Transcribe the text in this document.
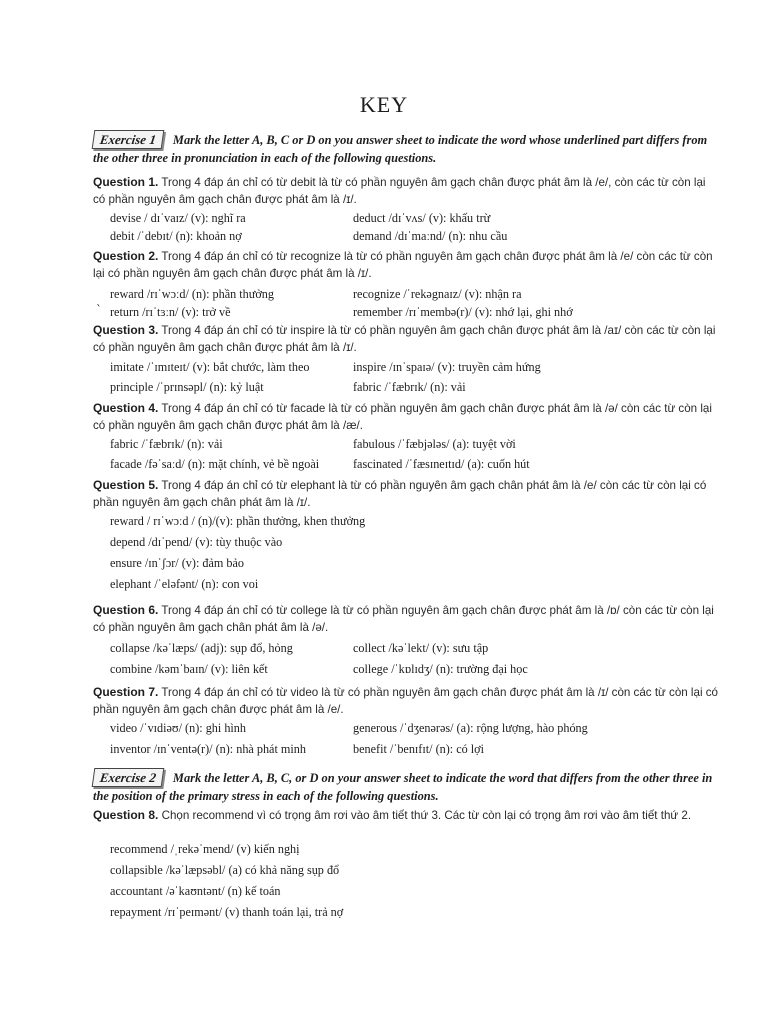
KEY
Exercise 1 Mark the letter A, B, C or D on you answer sheet to indicate the word whose underlined part differs from the other three in pronunciation in each of the following questions.
Question 1. Trong 4 đáp án chỉ có từ debit là từ có phần nguyên âm gạch chân được phát âm là /e/, còn các từ còn lại có phần nguyên âm gạch chân được phát âm là /ɪ/.
devise / dɪˈvaɪz/ (v): nghĩ ra	deduct /dɪˈvʌs/ (v): khấu trừ
debit /ˈdebɪt/ (n): khoản nợ	demand /dɪˈmaːnd/ (n): nhu cầu
Question 2. Trong 4 đáp án chỉ có từ recognize là từ có phần nguyên âm gạch chân được phát âm là /e/ còn các từ còn lại có phần nguyên âm gạch chân được phát âm là /ɪ/.
`
reward /rɪˈwɔːd/ (n): phần thưởng	recognize /ˈrekəgnaɪz/ (v): nhận ra
return /rɪˈtɜːn/ (v): trở về	remember /rɪˈmembə(r)/ (v): nhớ lại, ghi nhớ
Question 3. Trong 4 đáp án chỉ có từ inspire là từ có phần nguyên âm gạch chân được phát âm là /aɪ/ còn các từ còn lại có phần nguyên âm gạch chân được phát âm là /ɪ/.
imitate /ˈɪmɪteɪt/ (v): bắt chước, làm theo	inspire /ɪnˈspaɪə/ (v): truyền cảm hứng
principle /ˈprɪnsəpl/ (n): kỷ luật	fabric /ˈfæbrɪk/ (n): vải
Question 4. Trong 4 đáp án chỉ có từ facade là từ có phần nguyên âm gạch chân được phát âm là /ə/ còn các từ còn lại có phần nguyên âm gạch chân được phát âm là /æ/.
fabric /ˈfæbrɪk/ (n): vải	fabulous /ˈfæbjələs/ (a): tuyệt vời
facade /fəˈsaːd/ (n): mặt chính, vẻ bề ngoài	fascinated /ˈfæsɪneɪtɪd/ (a): cuốn hút
Question 5. Trong 4 đáp án chỉ có từ elephant là từ có phần nguyên âm gạch chân phát âm là /e/ còn các từ còn lại có phần nguyên âm gạch chân phát âm là /ɪ/.
reward / rɪˈwɔːd / (n)/(v): phần thưởng, khen thưởng
depend /dɪˈpend/ (v): tùy thuộc vào
ensure /ɪnˈʃɔr/ (v): đảm bảo
elephant /ˈeləfənt/ (n): con voi
Question 6. Trong 4 đáp án chỉ có từ college là từ có phần nguyên âm gạch chân được phát âm là /ɒ/ còn các từ còn lại có phần nguyên âm gạch chân phát âm là /ə/.
collapse /kəˈlæps/ (adj): sụp đổ, hỏng	collect /kəˈlekt/ (v): sưu tập
combine /kəmˈbaɪn/ (v): liên kết	college /ˈkɒlɪdʒ/ (n): trường đại học
Question 7. Trong 4 đáp án chỉ có từ video là từ có phần nguyên âm gạch chân được phát âm là /ɪ/ còn các từ còn lại có phần nguyên âm gạch chân được phát âm là /e/.
video /ˈvɪdiəʊ/ (n): ghi hình	generous /ˈdʒenərəs/ (a): rộng lượng, hào phóng
inventor /ɪnˈventə(r)/ (n): nhà phát minh	benefit /ˈbenɪfɪt/ (n): có lợi
Exercise 2 Mark the letter A, B, C, or D on your answer sheet to indicate the word that differs from the other three in the position of the primary stress in each of the following questions.
Question 8. Chọn recommend vì có trọng âm rơi vào âm tiết thứ 3. Các từ còn lại có trọng âm rơi vào âm tiết thứ 2.
recommend /ˌrekəˈmend/ (v) kiến nghị
collapsible /kəˈlæpsəbl/ (a) có khả năng sụp đổ
accountant /əˈkaʊntənt/ (n) kế toán
repayment /rɪˈpeɪmənt/ (v) thanh toán lại, trả nợ
